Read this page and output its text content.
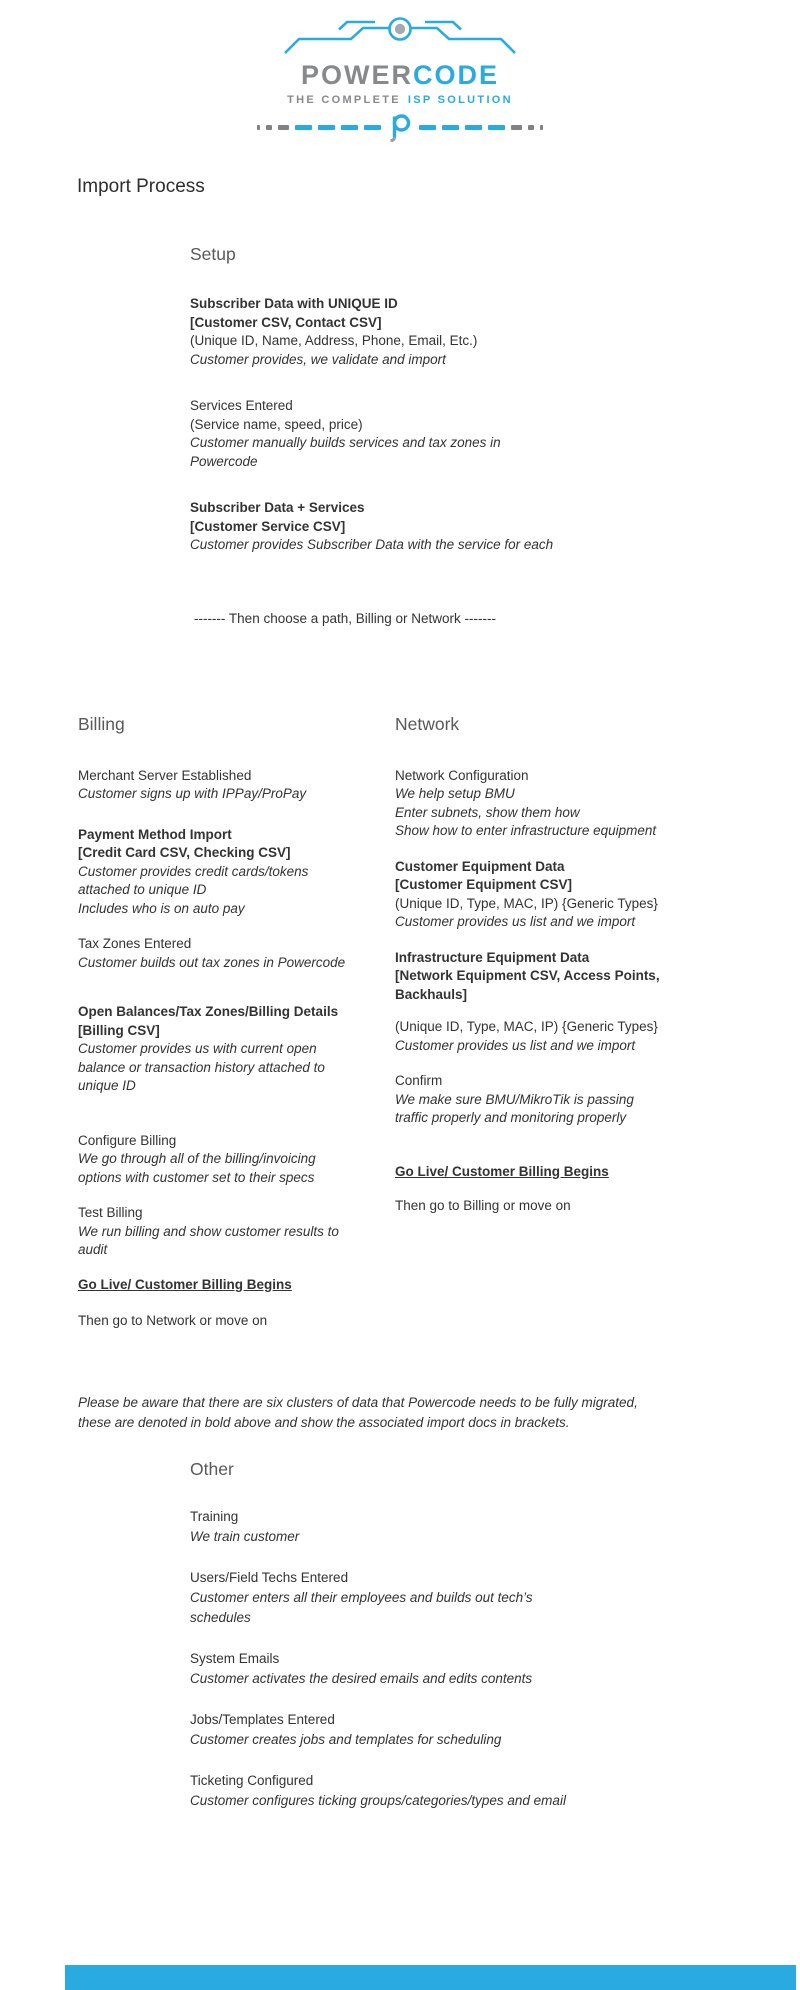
POWERCODE
THE COMPLETE ISP SOLUTION
Import Process
Setup
Subscriber Data with UNIQUE ID
[Customer CSV, Contact CSV]
(Unique ID, Name, Address, Phone, Email, Etc.)
Customer provides, we validate and import
Services Entered
(Service name, speed, price)
Customer manually builds services and tax zones in
Powercode
Subscriber Data + Services
[Customer Service CSV]
Customer provides Subscriber Data with the service for each
------- Then choose a path, Billing or Network -------
Billing
Merchant Server Established
Customer signs up with IPPay/ProPay
Payment Method Import
[Credit Card CSV, Checking CSV]
Customer provides credit cards/tokens
attached to unique ID
Includes who is on auto pay
Tax Zones Entered
Customer builds out tax zones in Powercode
Open Balances/Tax Zones/Billing Details
[Billing CSV]
Customer provides us with current open
balance or transaction history attached to
unique ID
Configure Billing
We go through all of the billing/invoicing
options with customer set to their specs
Test Billing
We run billing and show customer results to
audit
Go Live/ Customer Billing Begins
Then go to Network or move on
Network
Network Configuration
We help setup BMU
Enter subnets, show them how
Show how to enter infrastructure equipment
Customer Equipment Data
[Customer Equipment CSV]
(Unique ID, Type, MAC, IP) {Generic Types}
Customer provides us list and we import
Infrastructure Equipment Data
[Network Equipment CSV, Access Points,
Backhauls]
(Unique ID, Type, MAC, IP) {Generic Types}
Customer provides us list and we import
Confirm
We make sure BMU/MikroTik is passing
traffic properly and monitoring properly
Go Live/ Customer Billing Begins
Then go to Billing or move on
Please be aware that there are six clusters of data that Powercode needs to be fully migrated,
these are denoted in bold above and show the associated import docs in brackets.
Other
Training
We train customer
Users/Field Techs Entered
Customer enters all their employees and builds out tech’s
schedules
System Emails
Customer activates the desired emails and edits contents
Jobs/Templates Entered
Customer creates jobs and templates for scheduling
Ticketing Configured
Customer configures ticking groups/categories/types and email
